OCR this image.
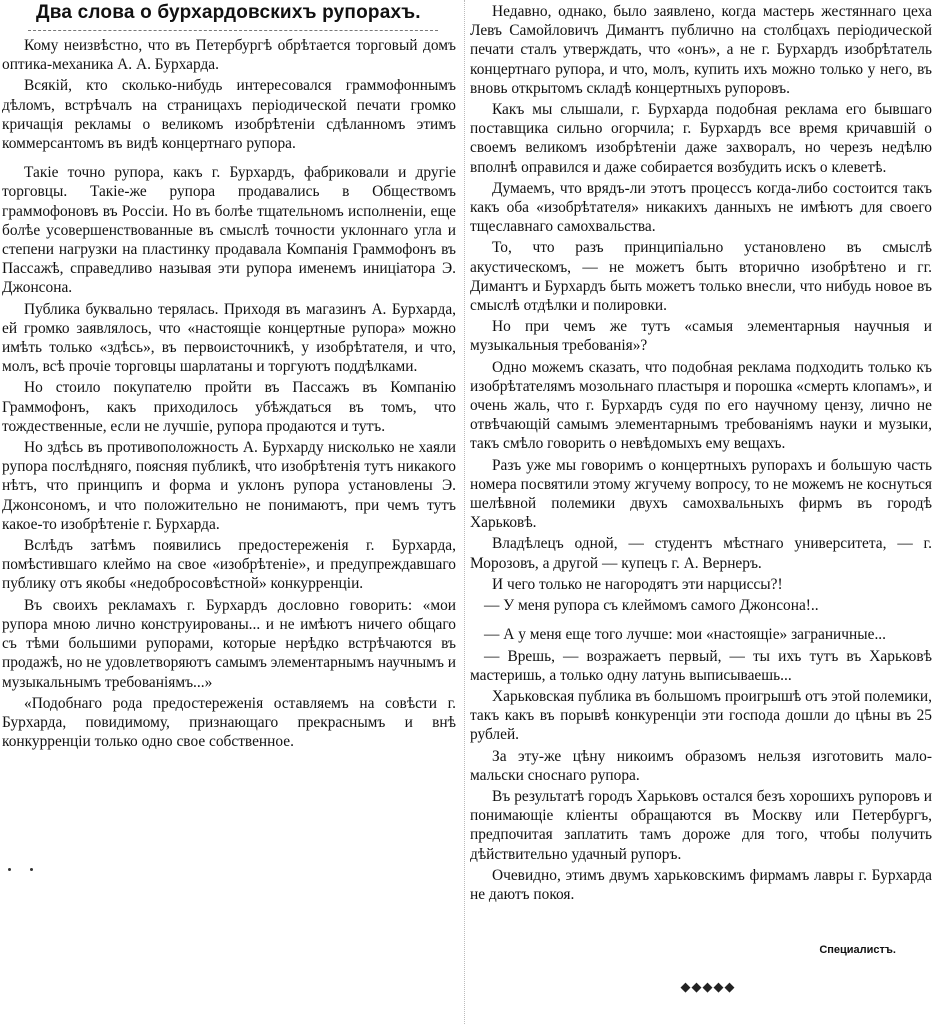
Два слова о бурхардовскихъ рупорахъ.

Кому неизвѣстно, что въ Петербургѣ обрѣтается торговый домъ оптика-механика А. А. Бурхарда.

Всякій, кто сколько-нибудь интересовался граммофоннымъ дѣломъ, встрѣчалъ на страницахъ періодической печати громко кричащія рекламы о великомъ изобрѣтеніи сдѣланномъ этимъ коммерсантомъ въ видѣ концертнаго рупора.

Такіе точно рупора, какъ г. Бурхардъ, фабриковали и другіе торговцы. Такіе-же рупора продавались в Обществомъ граммофоновъ въ Россіи. Но въ болѣе тщательномъ исполненіи, еще болѣе усовершенствованные въ смыслѣ точности уклоннаго угла и степени нагрузки на пластинку продавала Компанія Граммофонъ въ Пассажѣ, справедливо называя эти рупора именемъ иниціатора Э. Джонсона.

Публика буквально терялась. Приходя въ магазинъ А. Бурхарда, ей громко заявлялось, что «настоящіе концертные рупора» можно имѣть только «здѣсь», въ первоисточникѣ, у изобрѣтателя, и что, молъ, всѣ прочіе торговцы шарлатаны и торгуютъ поддѣлками.

Но стоило покупателю пройти въ Пассажъ въ Компанію Граммофонъ, какъ приходилось убѣждаться въ томъ, что тождественные, если не лучшіе, рупора продаются и тутъ.

Но здѣсь въ противоположность А. Бурхарду нисколько не хаяли рупора послѣдняго, поясняя публикѣ, что изобрѣтенія тутъ никакого нѣтъ, что принципъ и форма и уклонъ рупора установлены Э. Джонсономъ, и что положительно не понимаютъ, при чемъ тутъ какое-то изобрѣтеніе г. Бурхарда.

Вслѣдъ затѣмъ появились предостереженія г. Бурхарда, помѣстившаго клеймо на свое «изобрѣтеніе», и предупреждавшаго публику отъ якобы «недобросовѣстной» конкурренціи.

Въ своихъ рекламахъ г. Бурхардъ дословно говорить: «мои рупора мною лично конструированы... и не имѣютъ ничего общаго съ тѣми большими рупорами, которые нерѣдко встрѣчаются въ продажѣ, но не удовлетворяютъ самымъ элементарнымъ научнымъ и музыкальнымъ требованіямъ...»

«Подобнаго рода предостереженія оставляемъ на совѣсти г. Бурхарда, повидимому, признающаго прекраснымъ и внѣ конкурренціи только одно свое собственное.

Недавно, однако, было заявлено, когда мастерь жестяннаго цеха Левъ Самойловичъ Димантъ публично на столбцахъ періодической печати сталъ утверждать, что «онъ», а не г. Бурхардъ изобрѣтатель концертнаго рупора, и что, молъ, купить ихъ можно только у него, въ вновь открытомъ складѣ концертныхъ рупоровъ.

Какъ мы слышали, г. Бурхарда подобная реклама его бывшаго поставщика сильно огорчила; г. Бурхардъ все время кричавшій о своемъ великомъ изобрѣтеніи даже захворалъ, но черезъ недѣлю вполнѣ оправился и даже собирается возбудить искъ о клеветѣ.

Думаемъ, что врядъ-ли этотъ процессъ когда-либо состоится такъ какъ оба «изобрѣтателя» никакихъ данныхъ не имѣютъ для своего тщеславнаго самохвальства.

То, что разъ принципіально установлено въ смыслѣ акустическомъ, — не можетъ быть вторично изобрѣтено и гг. Димантъ и Бурхардъ быть можетъ только внесли, что нибудь новое въ смыслѣ отдѣлки и полировки.

Но при чемъ же тутъ «самыя элементарныя научныя и музыкальныя требованія»?

Одно можемъ сказать, что подобная реклама подходить только къ изобрѣтателямъ мозольнаго пластыря и порошка «смерть клопамъ», и очень жаль, что г. Бурхардъ судя по его научному цензу, лично не отвѣчающій самымъ элементарнымъ требованіямъ науки и музыки, такъ смѣло говорить о невѣдомыхъ ему вещахъ.

Разъ уже мы говоримъ о концертныхъ рупорахъ и большую часть номера посвятили этому жгучему вопросу, то не можемъ не коснуться шелѣвной полемики двухъ самохвальныхъ фирмъ въ городѣ Харьковѣ.

Владѣлецъ одной, — студентъ мѣстнаго университета, — г. Морозовъ, а другой — купецъ г. А. Вернеръ.

И чего только не нагородятъ эти нарциссы?!

— У меня рупора съ клеймомъ самого Джонсона!..

— А у меня еще того лучше: мои «настоящіе» заграничные...

— Врешь, — возражаетъ первый, — ты ихъ тутъ въ Харьковѣ мастеришь, а только одну латунь выписываешь...

Харьковская публика въ большомъ проигрышѣ отъ этой полемики, такъ какъ въ порывѣ конкуренціи эти господа дошли до цѣны въ 25 рублей.

За эту-же цѣну никоимъ образомъ нельзя изготовить мало-мальски сноснаго рупора.

Въ результатѣ городъ Харьковъ остался безъ хорошихъ рупоровъ и понимающіе кліенты обращаются въ Москву или Петербургъ, предпочитая заплатить тамъ дороже для того, чтобы получить дѣйствительно удачный рупоръ.

Очевидно, этимъ двумъ харьковскимъ фирмамъ лавры г. Бурхарда не даютъ покоя.

Специалистъ.
◆◆◆◆◆
